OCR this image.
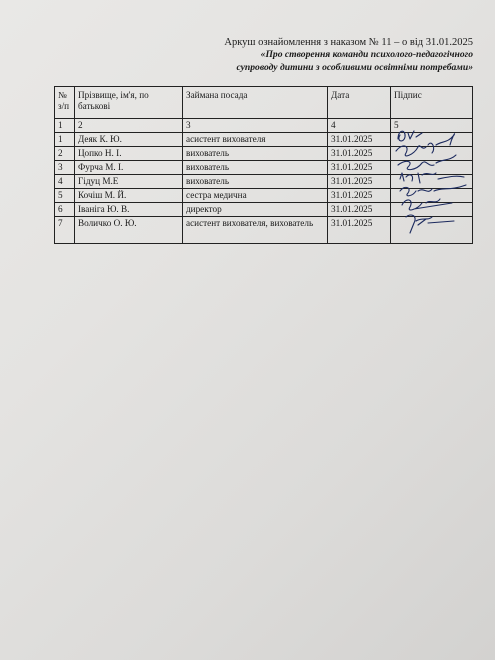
Аркуш ознайомлення з наказом № 11 – о від 31.01.2025
«Про створення команди психолого-педагогічного
супроводу дитини з особливими освітніми потребами»

№ з/п	Прізвище, ім'я, по батькові	Займана посада	Дата	Підпис
1	2	3	4	5
1	Деяк К. Ю.	асистент вихователя	31.01.2025	
2	Цопко Н. І.	вихователь	31.01.2025	
3	Фурча М. І.	вихователь	31.01.2025	
4	Гідуц М.Е	вихователь	31.01.2025	
5	Кочіш М. Й.	сестра медична	31.01.2025	
6	Іваніга Ю. В.	директор	31.01.2025	
7	Воличко О. Ю.	асистент вихователя, вихователь	31.01.2025	
